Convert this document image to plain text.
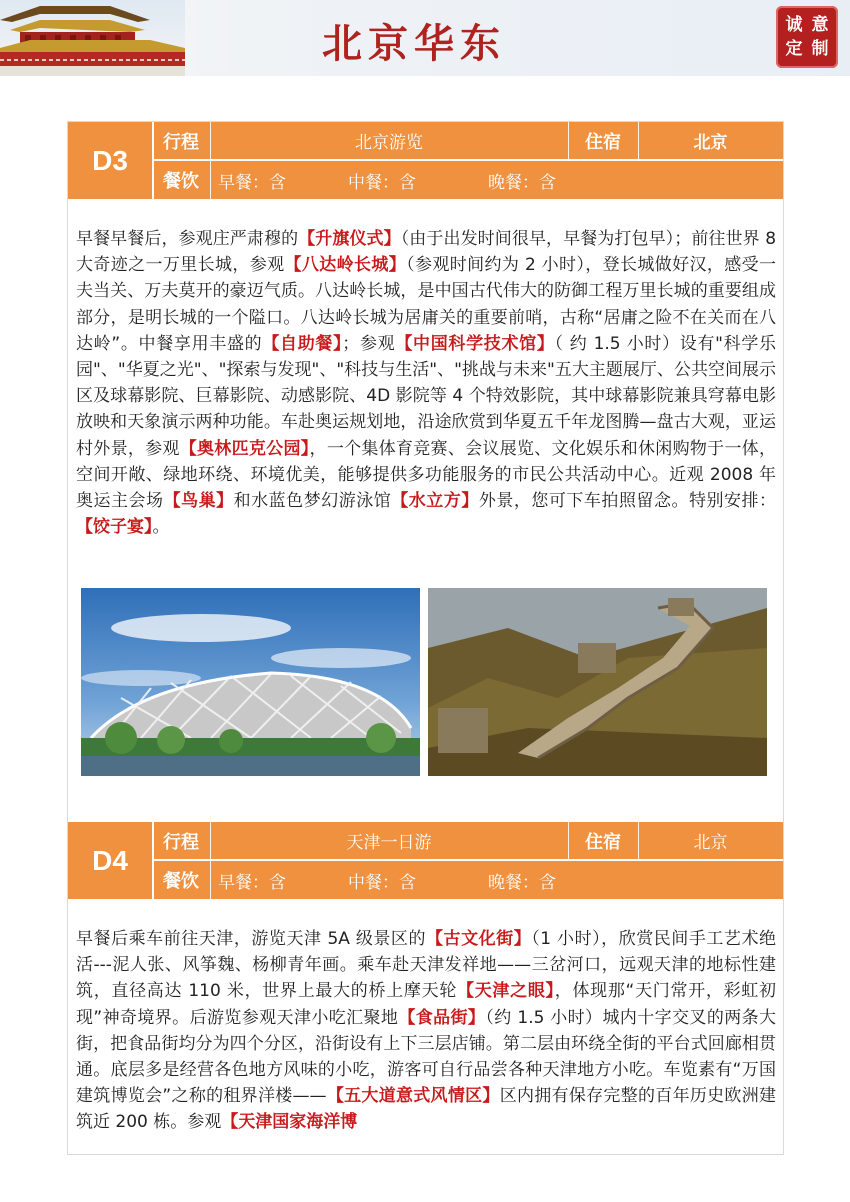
北京华东	诚 意
定 制
D3
行程	北京游览	住宿	北京
餐饮	早餐：含	中餐：含	晚餐：含
早餐早餐后，参观庄严肃穆的【升旗仪式】（由于出发时间很早，早餐为打包早）；前往世界 8 大奇迹之一万里长城，参观【八达岭长城】（参观时间约为 2 小时），登长城做好汉，感受一夫当关、万夫莫开的豪迈气质。八达岭长城，是中国古代伟大的防御工程万里长城的重要组成部分，是明长城的一个隘口。八达岭长城为居庸关的重要前哨，古称“居庸之险不在关而在八达岭”。中餐享用丰盛的【自助餐】；参观【中国科学技术馆】（ 约 1.5 小时）设有"科学乐园"、"华夏之光"、"探索与发现"、"科技与生活"、"挑战与未来"五大主题展厅、公共空间展示区及球幕影院、巨幕影院、动感影院、4D 影院等 4 个特效影院，其中球幕影院兼具穹幕电影放映和天象演示两种功能。车赴奥运规划地，沿途欣赏到华夏五千年龙图腾—盘古大观，亚运村外景，参观【奥林匹克公园】，一个集体育竞赛、会议展览、文化娱乐和休闲购物于一体，空间开敞、绿地环绕、环境优美，能够提供多功能服务的市民公共活动中心。近观 2008 年奥运主会场【鸟巢】和水蓝色梦幻游泳馆【水立方】外景，您可下车拍照留念。特别安排：【饺子宴】。
D4
行程	天津一日游	住宿	北京
餐饮	早餐：含	中餐：含	晚餐：含
早餐后乘车前往天津，游览天津 5A 级景区的【古文化街】（1 小时），欣赏民间手工艺术绝活---泥人张、风筝魏、杨柳青年画。乘车赴天津发祥地——三岔河口，远观天津的地标性建筑，直径高达 110 米，世界上最大的桥上摩天轮【天津之眼】，体现那“天门常开，彩虹初现”神奇境界。后游览参观天津小吃汇聚地【食品街】（约 1.5 小时）城内十字交叉的两条大街，把食品街均分为四个分区，沿街设有上下三层店铺。第二层由环绕全街的平台式回廊相贯通。底层多是经营各色地方风味的小吃，游客可自行品尝各种天津地方小吃。车览素有“万国建筑博览会”之称的租界洋楼——【五大道意式风情区】区内拥有保存完整的百年历史欧洲建筑近 200 栋。参观【天津国家海洋博
